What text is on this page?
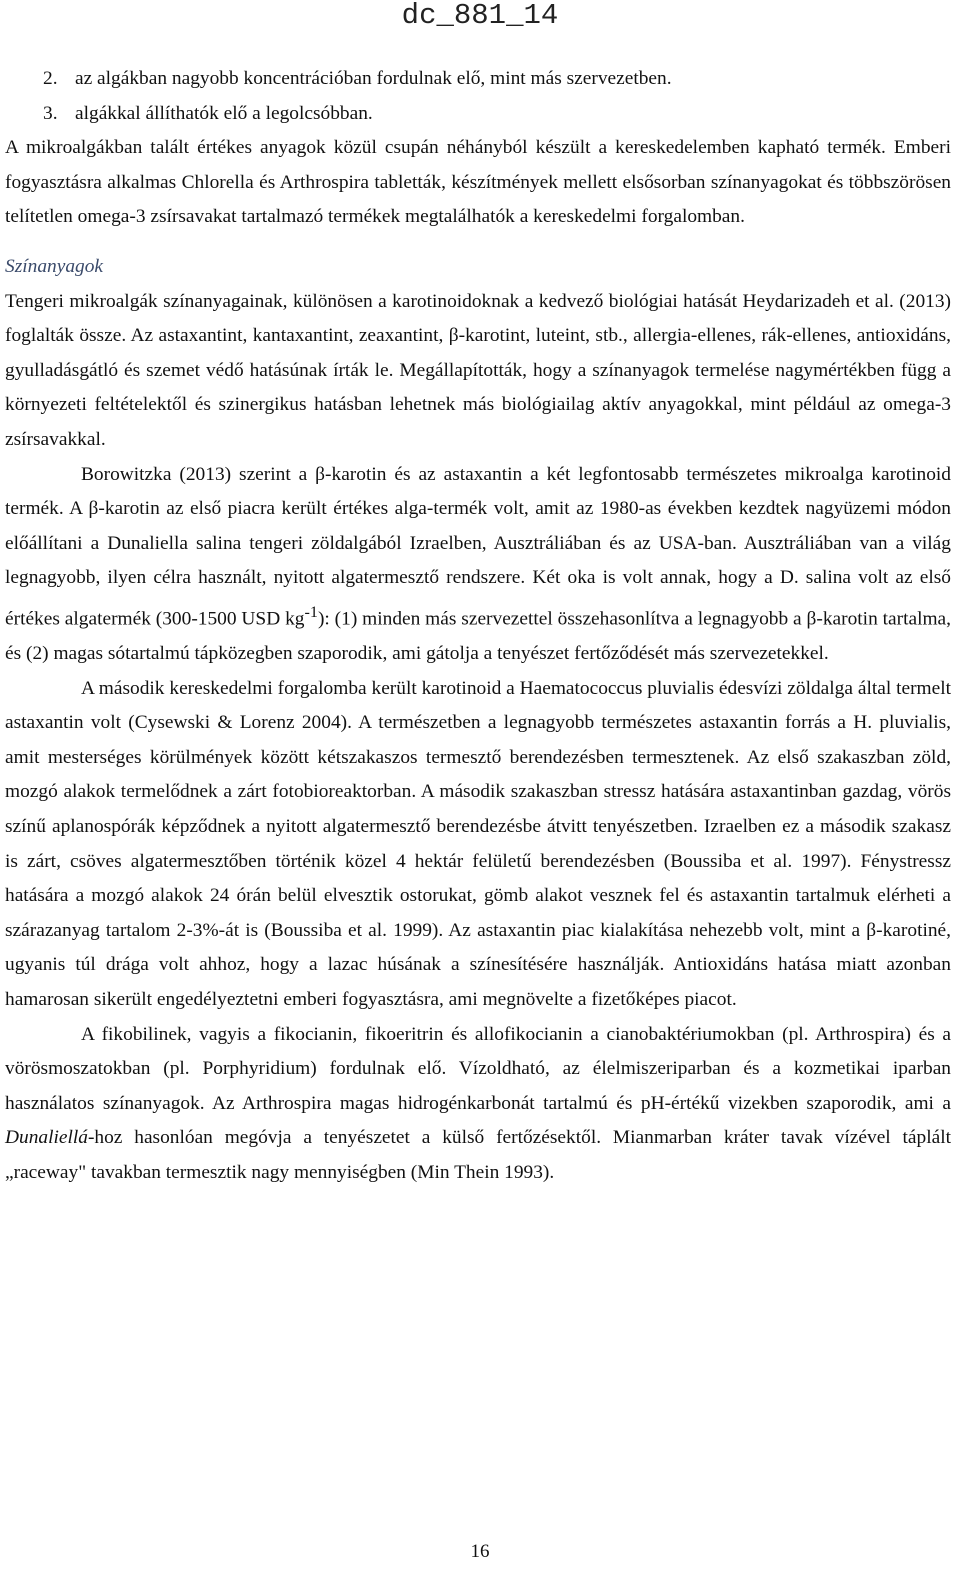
dc_881_14

2. az algákban nagyobb koncentrációban fordulnak elő, mint más szervezetben.

3. algákkal állíthatók elő a legolcsóbban.

A mikroalgákban talált értékes anyagok közül csupán néhányból készült a kereskedelemben kapható termék. Emberi fogyasztásra alkalmas Chlorella és Arthrospira tabletták, készítmények mellett elsősorban színanyagokat és többszörösen telítetlen omega-3 zsírsavakat tartalmazó termékek megtalálhatók a kereskedelmi forgalomban.

Színanyagok

Tengeri mikroalgák színanyagainak, különösen a karotinoidoknak a kedvező biológiai hatását Heydarizadeh et al. (2013) foglalták össze. Az astaxantint, kantaxantint, zeaxantint, β-karotint, luteint, stb., allergia-ellenes, rák-ellenes, antioxidáns, gyulladásgátló és szemet védő hatásúnak írták le. Megállapították, hogy a színanyagok termelése nagymértékben függ a környezeti feltételektől és szinergikus hatásban lehetnek más biológiailag aktív anyagokkal, mint például az omega-3 zsírsavakkal.

Borowitzka (2013) szerint a β-karotin és az astaxantin a két legfontosabb természetes mikroalga karotinoid termék. A β-karotin az első piacra került értékes alga-termék volt, amit az 1980-as években kezdtek nagyüzemi módon előállítani a Dunaliella salina tengeri zöldalgából Izraelben, Ausztráliában és az USA-ban. Ausztráliában van a világ legnagyobb, ilyen célra használt, nyitott algatermesztő rendszere. Két oka is volt annak, hogy a D. salina volt az első értékes algatermék (300-1500 USD $kg^{-1}$): (1) minden más szervezettel összehasonlítva a legnagyobb a β-karotin tartalma, és (2) magas sótartalmú tápközegben szaporodik, ami gátolja a tenyészet fertőződését más szervezetekkel.

A második kereskedelmi forgalomba került karotinoid a Haematococcus pluvialis édesvízi zöldalga által termelt astaxantin volt (Cysewski & Lorenz 2004). A természetben a legnagyobb természetes astaxantin forrás a H. pluvialis, amit mesterséges körülmények között kétszakaszos termesztő berendezésben termesztenek. Az első szakaszban zöld, mozgó alakok termelődnek a zárt fotobioreaktorban. A második szakaszban stressz hatására astaxantinban gazdag, vörös színű aplanospórák képződnek a nyitott algatermesztő berendezésbe átvitt tenyészetben. Izraelben ez a második szakasz is zárt, csöves algatermesztőben történik közel 4 hektár felületű berendezésben (Boussiba et al. 1997). Fénystressz hatására a mozgó alakok 24 órán belül elvesztik ostorukat, gömb alakot vesznek fel és astaxantin tartalmuk elérheti a szárazanyag tartalom 2-3%-át is (Boussiba et al. 1999). Az astaxantin piac kialakítása nehezebb volt, mint a β-karotiné, ugyanis túl drága volt ahhoz, hogy a lazac húsának a színesítésére használják. Antioxidáns hatása miatt azonban hamarosan sikerült engedélyeztetni emberi fogyasztásra, ami megnövelte a fizetőképes piacot.

A fikobilinek, vagyis a fikocianin, fikoeritrin és allofikocianin a cianobaktériumokban (pl. Arthrospira) és a vörösmoszatokban (pl. Porphyridium) fordulnak elő. Vízoldható, az élelmiszeriparban és a kozmetikai iparban használatos színanyagok. Az Arthrospira magas hidrogénkarbonát tartalmú és pH-értékű vizekben szaporodik, ami a Dunaliellá-hoz hasonlóan megóvja a tenyészetet a külső fertőzésektől. Mianmarban kráter tavak vízével táplált „raceway" tavakban termesztik nagy mennyiségben (Min Thein 1993).

16
